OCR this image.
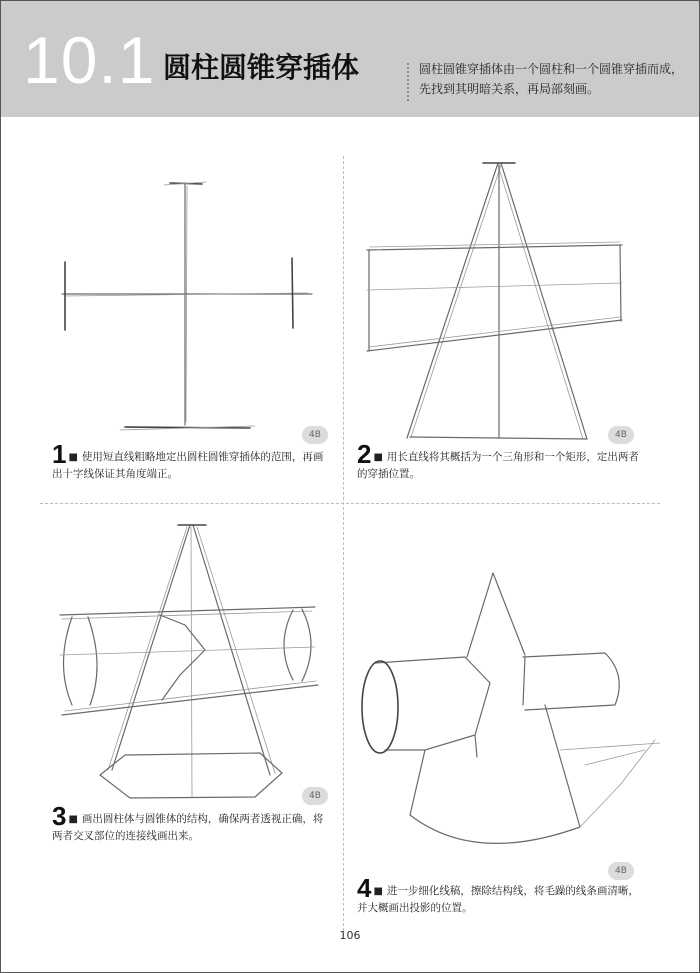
10.1 圆柱圆锥穿插体	圆柱圆锥穿插体由一个圆柱和一个圆锥穿插而成，先找到其明暗关系，再局部刻画。
4B	4B
4B
4B
1 ■ 使用短直线粗略地定出圆柱圆锥穿插体的范围，再画出十字线保证其角度端正。
2 ■ 用长直线将其概括为一个三角形和一个矩形，定出两者的穿插位置。
3 ■ 画出圆柱体与圆锥体的结构，确保两者透视正确，将两者交叉部位的连接线画出来。
4 ■ 进一步细化线稿，擦除结构线，将毛躁的线条画清晰，并大概画出投影的位置。
106
